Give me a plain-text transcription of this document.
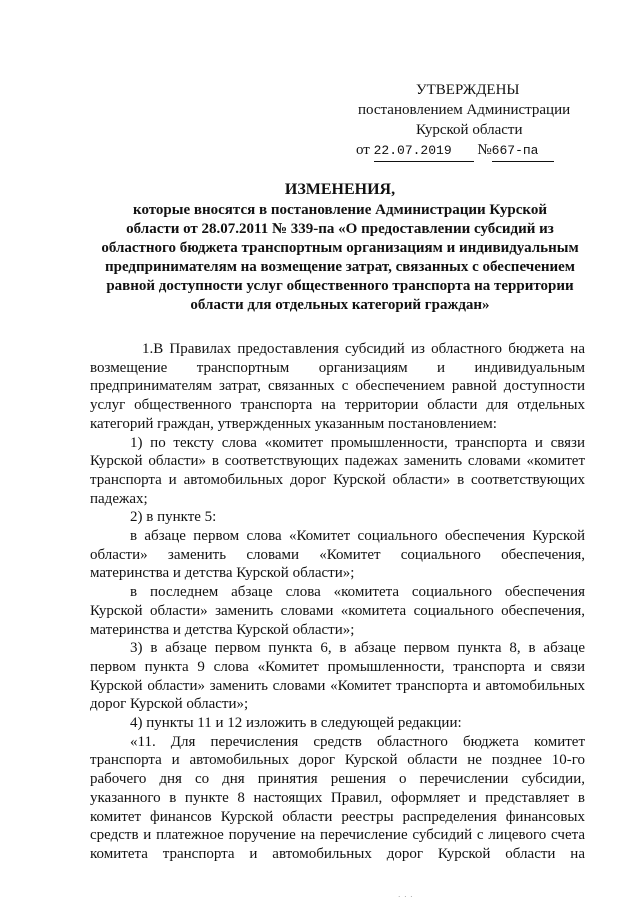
УТВЕРЖДЕНЫ
постановлением Администрации
Курской области
от 22.07.2019 №667-па
ИЗМЕНЕНИЯ,
которые вносятся в постановление Администрации Курской
области от 28.07.2011 № 339-па «О предоставлении субсидий из
областного бюджета транспортным организациям и индивидуальным
предпринимателям на возмещение затрат, связанных с обеспечением
равной доступности услуг общественного транспорта на территории
области для отдельных категорий граждан»

1.В Правилах предоставления субсидий из областного бюджета на возмещение транспортным организациям и индивидуальным предпринимателям затрат, связанных с обеспечением равной доступности услуг общественного транспорта на территории области для отдельных категорий граждан, утвержденных указанным постановлением:

1) по тексту слова «комитет промышленности, транспорта и связи Курской области» в соответствующих падежах заменить словами «комитет транспорта и автомобильных дорог Курской области» в соответствующих падежах;

2) в пункте 5:

в абзаце первом слова «Комитет социального обеспечения Курской области» заменить словами «Комитет социального обеспечения, материнства и детства Курской области»;

в последнем абзаце слова «комитета социального обеспечения Курской области» заменить словами «комитета социального обеспечения, материнства и детства Курской области»;

3) в абзаце первом пункта 6, в абзаце первом пункта 8, в абзаце первом пункта 9 слова «Комитет промышленности, транспорта и связи Курской области» заменить словами «Комитет транспорта и автомобильных дорог Курской области»;

4) пункты 11 и 12 изложить в следующей редакции:

«11. Для перечисления средств областного бюджета комитет транспорта и автомобильных дорог Курской области не позднее 10-го рабочего дня со дня принятия решения о перечислении субсидии, указанного в пункте 8 настоящих Правил, оформляет и представляет в комитет финансов Курской области реестры распределения финансовых средств и платежное поручение на перечисление субсидий с лицевого счета комитета транспорта и автомобильных дорог Курской области на

· · ·
